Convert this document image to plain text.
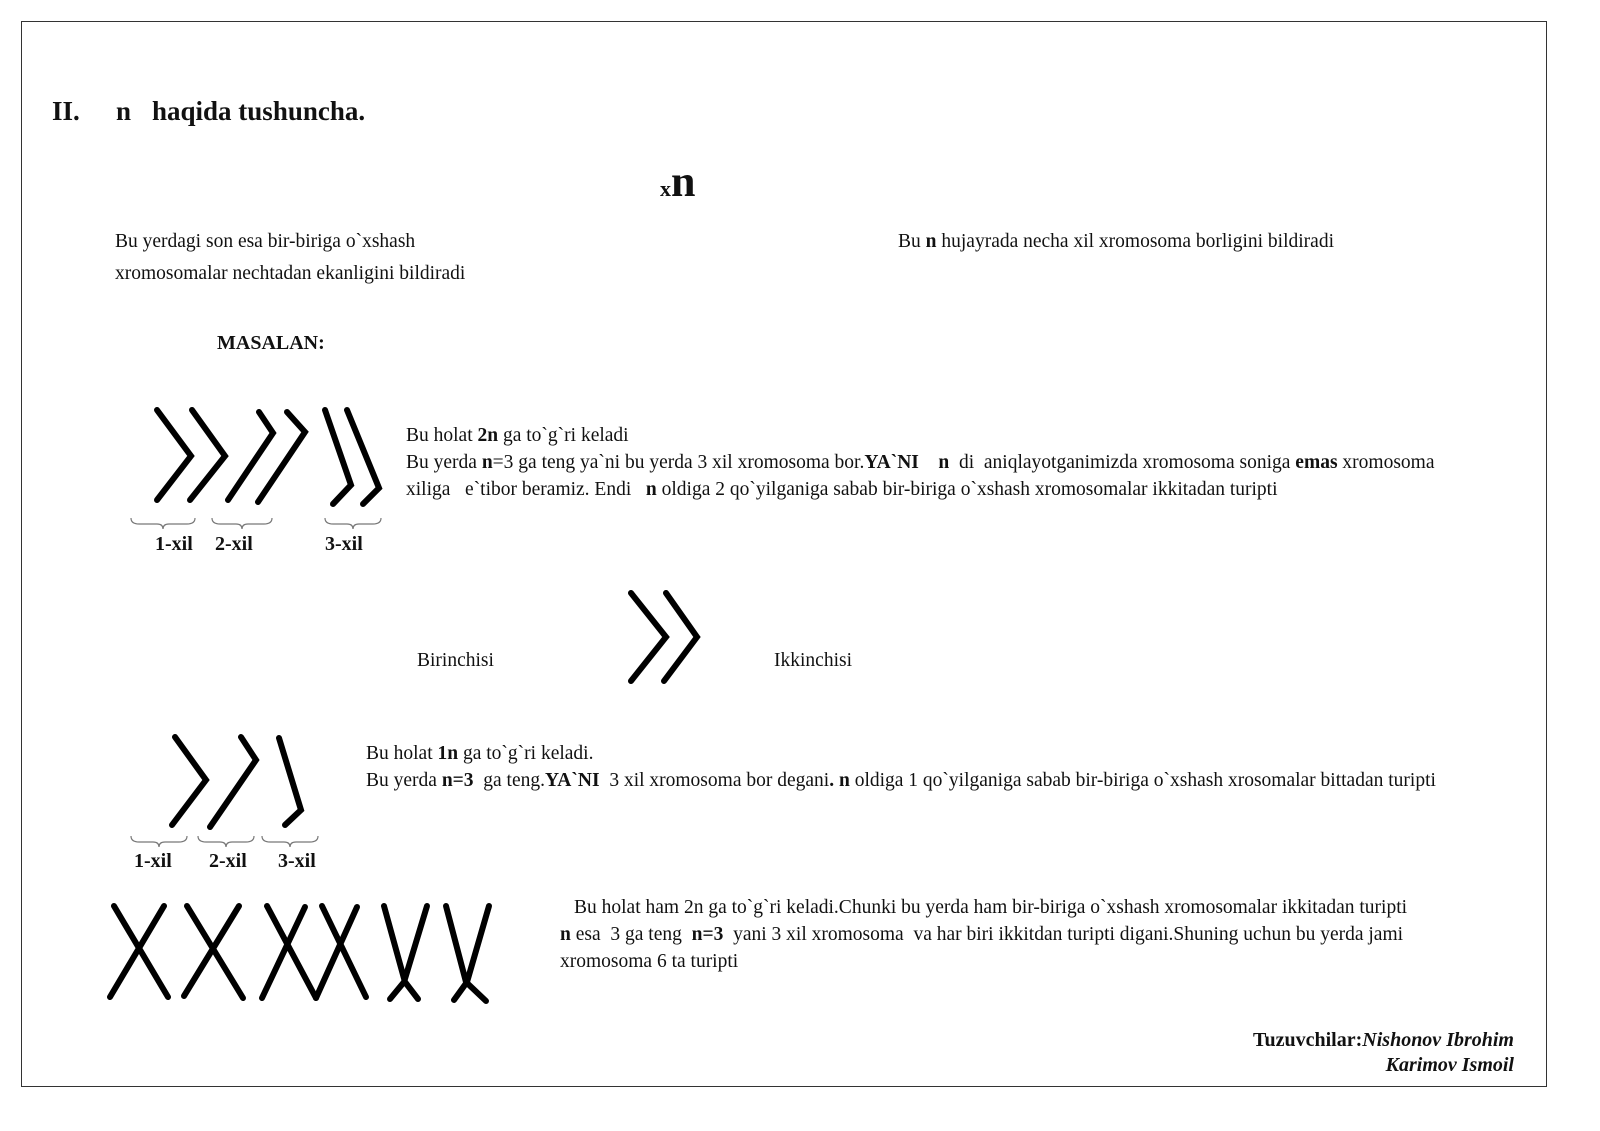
II. n haqida tushuncha.
xn
Bu yerdagi son esa bir-biriga o`xshash
xromosomalar nechtadan ekanligini bildiradi
Bu n hujayrada necha xil xromosoma borligini bildiradi
MASALAN:
1-xil 2-xil	3-xil
Bu holat 2n ga to`g`ri keladi
Bu yerda n=3 ga teng ya`ni bu yerda 3 xil xromosoma bor.YA`NI    n  di  aniqlayotganimizda xromosoma soniga emas xromosoma
xiliga   e`tibor beramiz. Endi   n oldiga 2 qo`yilganiga sabab bir-biriga o`xshash xromosomalar ikkitadan turipti
Birinchisi	Ikkinchisi
1-xil 2-xil 3-xil
Bu holat 1n ga to`g`ri keladi.
Bu yerda n=3  ga teng.YA`NI  3 xil xromosoma bor degani. n oldiga 1 qo`yilganiga sabab bir-biriga o`xshash xrosomalar bittadan turipti
Bu holat ham 2n ga to`g`ri keladi.Chunki bu yerda ham bir-biriga o`xshash xromosomalar ikkitadan turipti
n esa  3 ga teng  n=3  yani 3 xil xromosoma  va har biri ikkitdan turipti digani.Shuning uchun bu yerda jami
xromosoma 6 ta turipti
Tuzuvchilar:Nishonov Ibrohim
Karimov Ismoil
